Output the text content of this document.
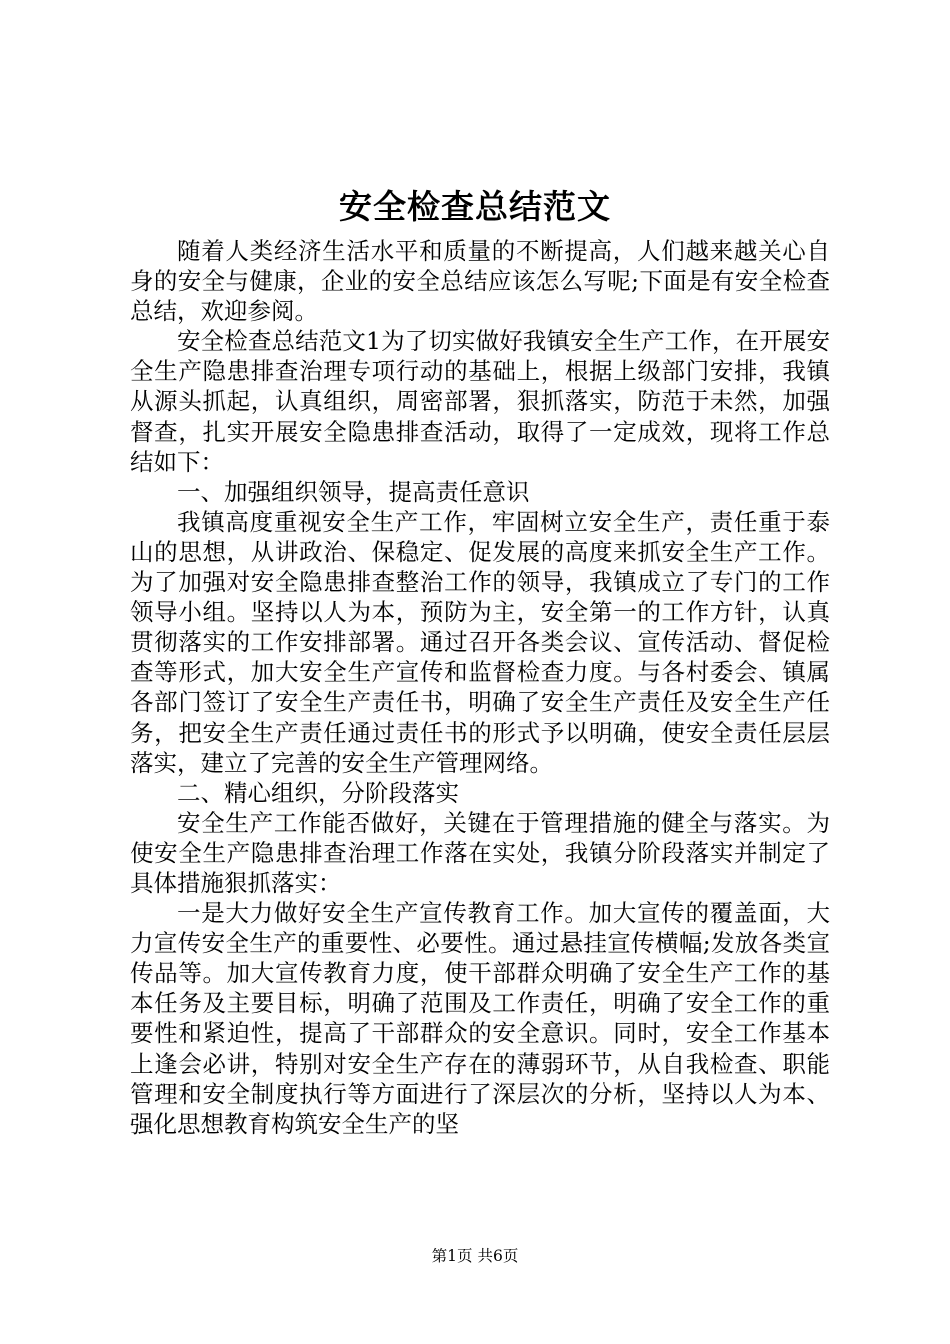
安全检查总结范文

随着人类经济生活水平和质量的不断提高，人们越来越关心自身的安全与健康，企业的安全总结应该怎么写呢;下面是有安全检查总结，欢迎参阅。

安全检查总结范文1为了切实做好我镇安全生产工作，在开展安全生产隐患排查治理专项行动的基础上，根据上级部门安排，我镇从源头抓起，认真组织，周密部署，狠抓落实，防范于未然，加强督查，扎实开展安全隐患排查活动，取得了一定成效，现将工作总结如下：

一、加强组织领导，提高责任意识

我镇高度重视安全生产工作，牢固树立安全生产，责任重于泰山的思想，从讲政治、保稳定、促发展的高度来抓安全生产工作。为了加强对安全隐患排查整治工作的领导，我镇成立了专门的工作领导小组。坚持以人为本，预防为主，安全第一的工作方针，认真贯彻落实的工作安排部署。通过召开各类会议、宣传活动、督促检查等形式，加大安全生产宣传和监督检查力度。与各村委会、镇属各部门签订了安全生产责任书，明确了安全生产责任及安全生产任务，把安全生产责任通过责任书的形式予以明确，使安全责任层层落实，建立了完善的安全生产管理网络。

二、精心组织，分阶段落实

安全生产工作能否做好，关键在于管理措施的健全与落实。为使安全生产隐患排查治理工作落在实处，我镇分阶段落实并制定了具体措施狠抓落实：

一是大力做好安全生产宣传教育工作。加大宣传的覆盖面，大力宣传安全生产的重要性、必要性。通过悬挂宣传横幅;发放各类宣传品等。加大宣传教育力度，使干部群众明确了安全生产工作的基本任务及主要目标，明确了范围及工作责任，明确了安全工作的重要性和紧迫性，提高了干部群众的安全意识。同时，安全工作基本上逢会必讲，特别对安全生产存在的薄弱环节，从自我检查、职能管理和安全制度执行等方面进行了深层次的分析，坚持以人为本、强化思想教育构筑安全生产的坚

第1页 共6页
